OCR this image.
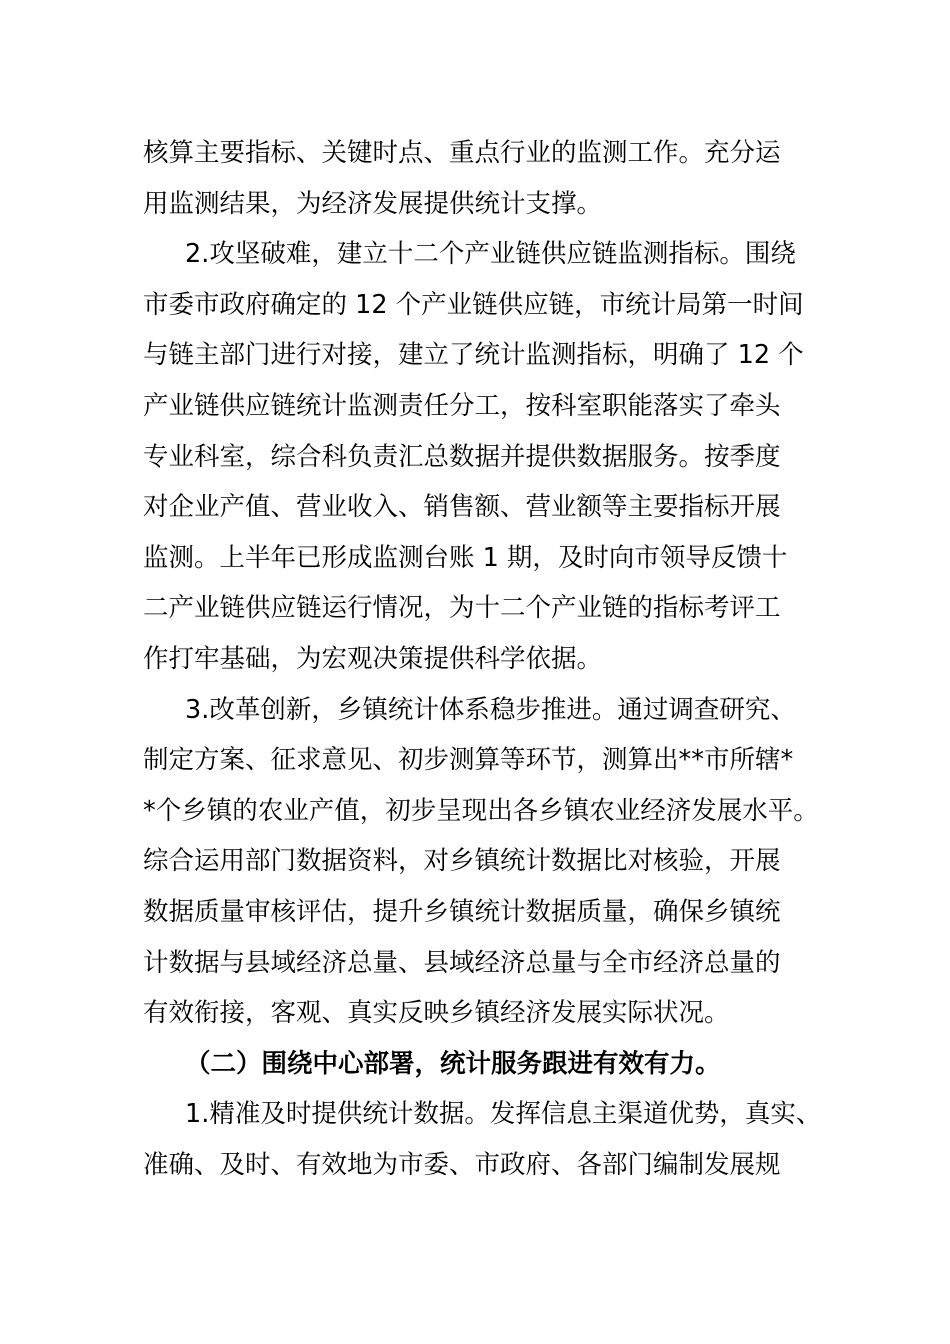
核算主要指标、关键时点、重点行业的监测工作。充分运
用监测结果，为经济发展提供统计支撑。
2.攻坚破难，建立十二个产业链供应链监测指标。围绕
市委市政府确定的 12 个产业链供应链，市统计局第一时间
与链主部门进行对接，建立了统计监测指标，明确了 12 个
产业链供应链统计监测责任分工，按科室职能落实了牵头
专业科室，综合科负责汇总数据并提供数据服务。按季度
对企业产值、营业收入、销售额、营业额等主要指标开展
监测。上半年已形成监测台账 1 期，及时向市领导反馈十
二产业链供应链运行情况，为十二个产业链的指标考评工
作打牢基础，为宏观决策提供科学依据。
3.改革创新，乡镇统计体系稳步推进。通过调查研究、
制定方案、征求意见、初步测算等环节，测算出**市所辖*
*个乡镇的农业产值，初步呈现出各乡镇农业经济发展水平。
综合运用部门数据资料，对乡镇统计数据比对核验，开展
数据质量审核评估，提升乡镇统计数据质量，确保乡镇统
计数据与县域经济总量、县域经济总量与全市经济总量的
有效衔接，客观、真实反映乡镇经济发展实际状况。
（二）围绕中心部署，统计服务跟进有效有力。
1.精准及时提供统计数据。发挥信息主渠道优势，真实、
准确、及时、有效地为市委、市政府、各部门编制发展规
